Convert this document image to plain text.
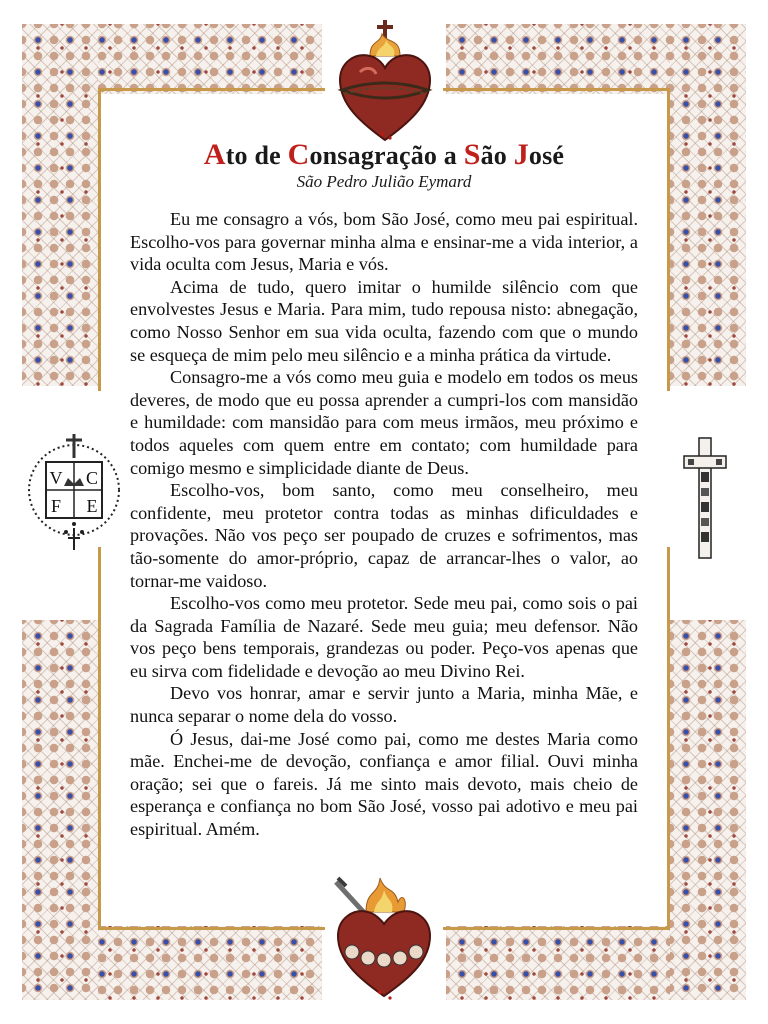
Ato de Consagração a São José
São Pedro Julião Eymard

Eu me consagro a vós, bom São José, como meu pai espiritual. Escolho-vos para governar minha alma e ensinar-me a vida interior, a vida oculta com Jesus, Maria e vós.

Acima de tudo, quero imitar o humilde silêncio com que envolvestes Jesus e Maria. Para mim, tudo repousa nisto: abnegação, como Nosso Senhor em sua vida oculta, fazendo com que o mundo se esqueça de mim pelo meu silêncio e a minha prática da virtude.

Consagro-me a vós como meu guia e modelo em todos os meus deveres, de modo que eu possa aprender a cumpri-los com mansidão e humildade: com mansidão para com meus irmãos, meu próximo e todos aqueles com quem entre em contato; com humildade para comigo mesmo e simplicidade diante de Deus.

Escolho-vos, bom santo, como meu conselheiro, meu confidente, meu protetor contra todas as minhas dificuldades e provações. Não vos peço ser poupado de cruzes e sofrimentos, mas tão-somente do amor-próprio, capaz de arrancar-lhes o valor, ao tornar-me vaidoso.

Escolho-vos como meu protetor. Sede meu pai, como sois o pai da Sagrada Família de Nazaré. Sede meu guia; meu defensor. Não vos peço bens temporais, grandezas ou poder. Peço-vos apenas que eu sirva com fidelidade e devoção ao meu Divino Rei.

Devo vos honrar, amar e servir junto a Maria, minha Mãe, e nunca separar o nome dela do vosso.

Ó Jesus, dai-me José como pai, como me destes Maria como mãe. Enchei-me de devoção, confiança e amor filial. Ouvi minha oração; sei que o fareis. Já me sinto mais devoto, mais cheio de esperança e confiança no bom São José, vosso pai adotivo e meu pai espiritual. Amém.

V C
F E
